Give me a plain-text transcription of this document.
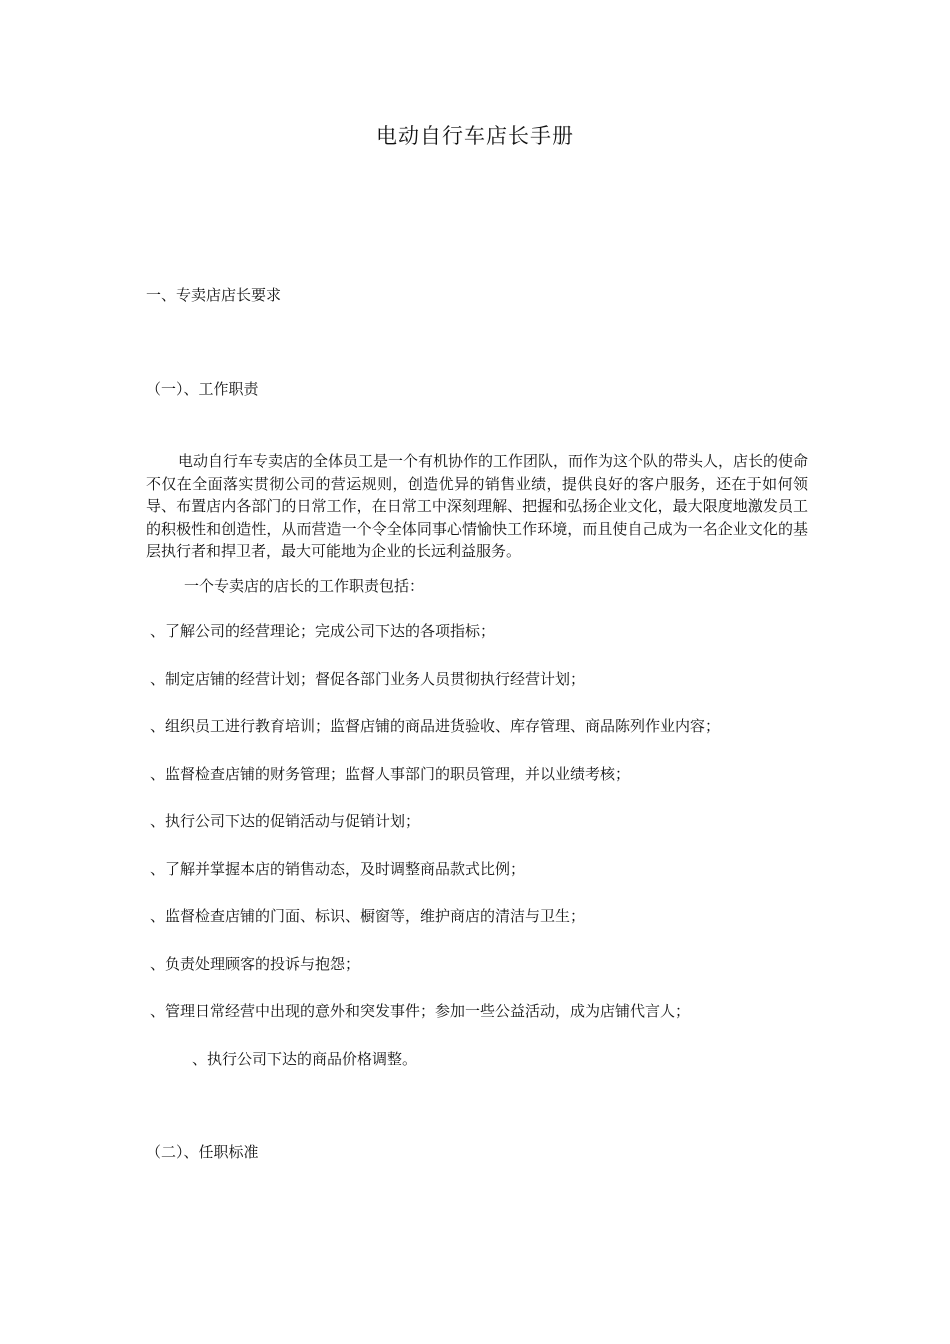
电动自行车店长手册
一、专卖店店长要求
（一）、工作职责

电动自行车专卖店的全体员工是一个有机协作的工作团队，而作为这个队的带头人，店长的使命不仅在全面落实贯彻公司的营运规则，创造优异的销售业绩，提供良好的客户服务，还在于如何领导、布置店内各部门的日常工作，在日常工中深刻理解、把握和弘扬企业文化，最大限度地激发员工的积极性和创造性，从而营造一个令全体同事心情愉快工作环境，而且使自己成为一名企业文化的基层执行者和捍卫者，最大可能地为企业的长远利益服务。

一个专卖店的店长的工作职责包括：
、了解公司的经营理论；完成公司下达的各项指标；
、制定店铺的经营计划；督促各部门业务人员贯彻执行经营计划；
、组织员工进行教育培训；监督店铺的商品进货验收、库存管理、商品陈列作业内容；
、监督检查店铺的财务管理；监督人事部门的职员管理，并以业绩考核；
、执行公司下达的促销活动与促销计划；
、了解并掌握本店的销售动态，及时调整商品款式比例；
、监督检查店铺的门面、标识、橱窗等，维护商店的清洁与卫生；
、负责处理顾客的投诉与抱怨；
、管理日常经营中出现的意外和突发事件；参加一些公益活动，成为店铺代言人；
、执行公司下达的商品价格调整。
（二）、任职标准
